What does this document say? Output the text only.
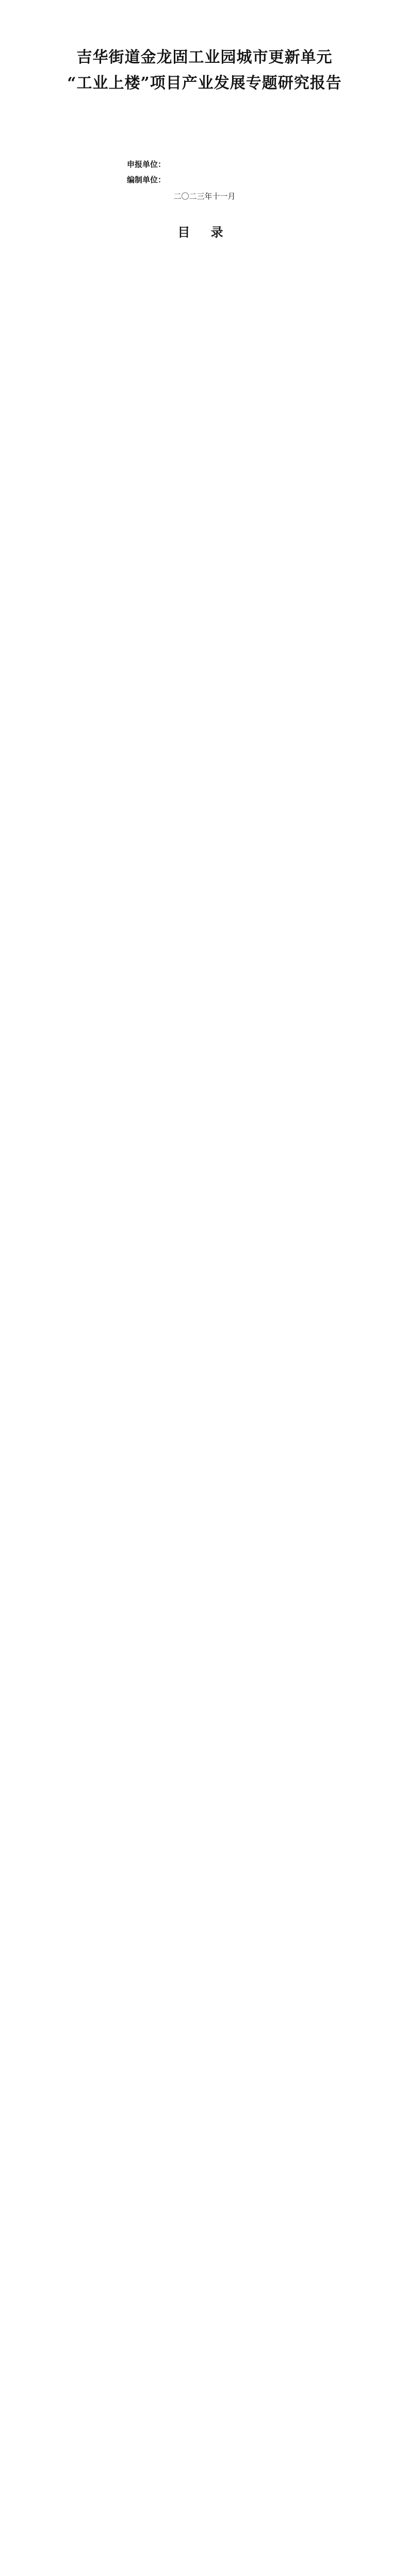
吉华街道金龙固工业园城市更新单元
“工业上楼”项目产业发展专题研究报告
申报单位：
编制单位：
二〇二三年十一月
目 录
